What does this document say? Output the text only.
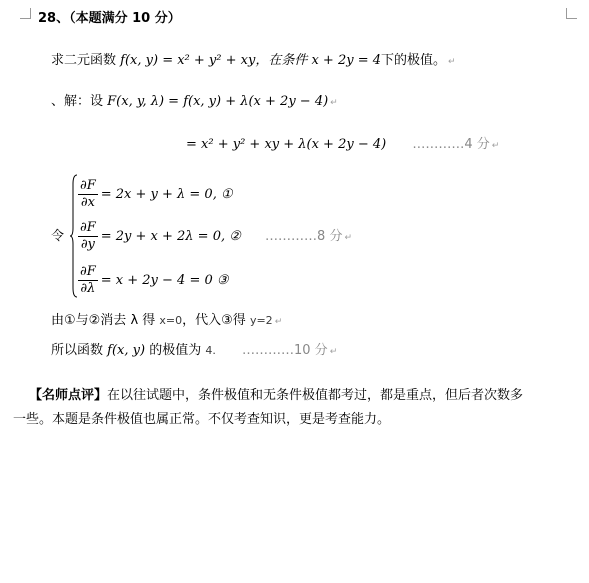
28、（本题满分 10 分）
求二元函数 f(x, y) = x² + y² + xy，在条件 x + 2y = 4下的极值。 ↵
、解：设 F(x, y, λ) = f(x, y) + λ(x + 2y − 4) ↵
= x² + y² + xy + λ(x + 2y − 4) …………4 分 ↵
令
$\frac{\partial F}{\partial x} = 2x + y + \lambda = 0$, ①
$\frac{\partial F}{\partial y} = 2y + x + 2\lambda = 0$, ② …………8 分 ↵
$\frac{\partial F}{\partial\lambda} = x + 2y - 4 = 0$ ③
由①与②消去 λ 得 x=0，代入③得 y=2 ↵
所以函数 f(x, y) 的极值为 4. …………10 分 ↵
【名师点评】在以往试题中，条件极值和无条件极值都考过，都是重点，但后者次数多
一些。本题是条件极值也属正常。不仅考查知识，更是考查能力。
